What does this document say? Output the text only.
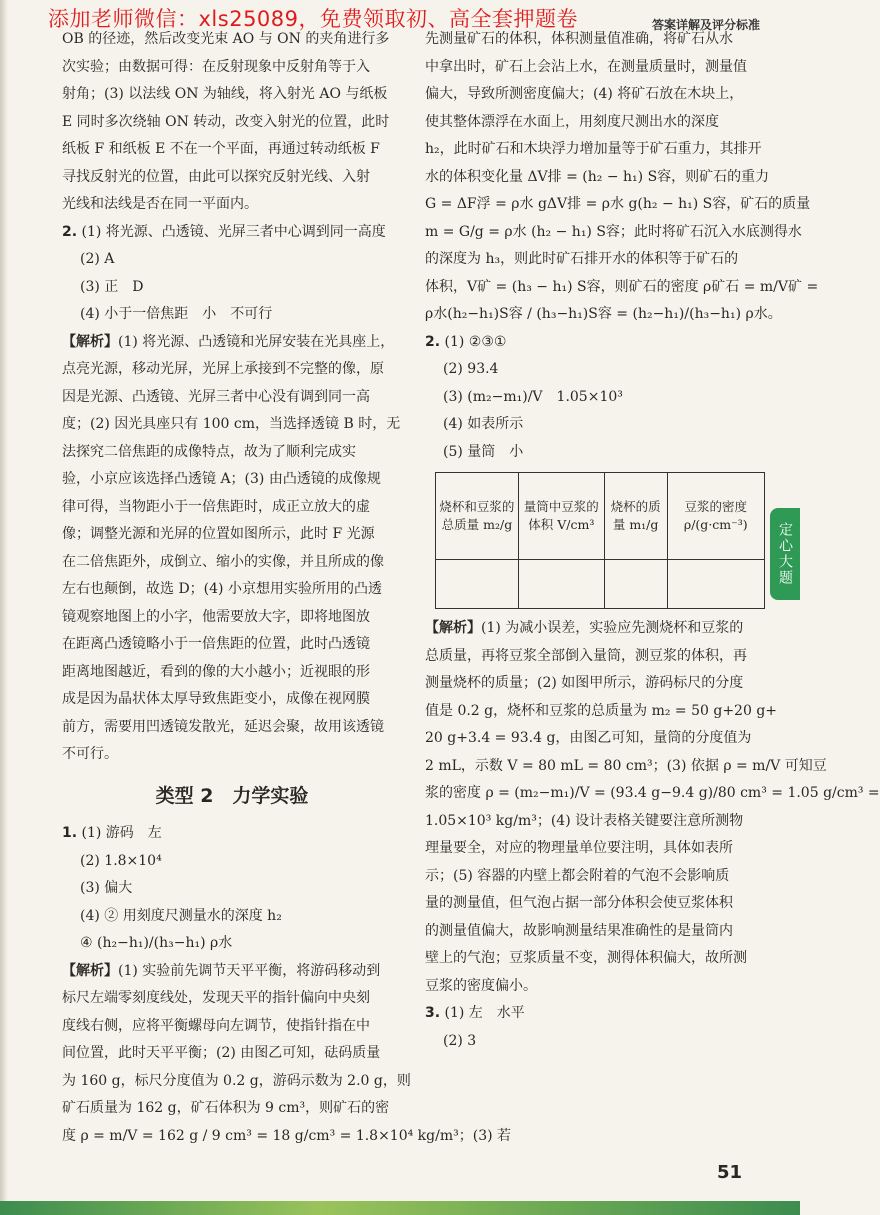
添加老师微信：xls25089，免费领取初、高全套押题卷	答案详解及评分标准

OB 的径迹，然后改变光束 AO 与 ON 的夹角进行多

次实验；由数据可得：在反射现象中反射角等于入

射角；(3) 以法线 ON 为轴线，将入射光 AO 与纸板

E 同时多次绕轴 ON 转动，改变入射光的位置，此时

纸板 F 和纸板 E 不在一个平面，再通过转动纸板 F

寻找反射光的位置，由此可以探究反射光线、入射

光线和法线是否在同一平面内。

2. (1) 将光源、凸透镜、光屏三者中心调到同一高度

(2) A

(3) 正　D

(4) 小于一倍焦距　小　不可行

【解析】(1) 将光源、凸透镜和光屏安装在光具座上，

点亮光源，移动光屏，光屏上承接到不完整的像，原

因是光源、凸透镜、光屏三者中心没有调到同一高

度；(2) 因光具座只有 100 cm，当选择透镜 B 时，无

法探究二倍焦距的成像特点，故为了顺利完成实

验，小京应该选择凸透镜 A；(3) 由凸透镜的成像规

律可得，当物距小于一倍焦距时，成正立放大的虚

像；调整光源和光屏的位置如图所示，此时 F 光源

在二倍焦距外，成倒立、缩小的实像，并且所成的像

左右也颠倒，故选 D；(4) 小京想用实验所用的凸透

镜观察地图上的小字，他需要放大字，即将地图放

在距离凸透镜略小于一倍焦距的位置，此时凸透镜

距离地图越近，看到的像的大小越小；近视眼的形

成是因为晶状体太厚导致焦距变小，成像在视网膜

前方，需要用凹透镜发散光，延迟会聚，故用该透镜

不可行。

类型 2　力学实验

1. (1) 游码　左

(2) 1.8×10⁴

(3) 偏大

(4) ② 用刻度尺测量水的深度 h₂

④ (h₂−h₁)/(h₃−h₁) ρ水

【解析】(1) 实验前先调节天平平衡，将游码移动到

标尺左端零刻度线处，发现天平的指针偏向中央刻

度线右侧，应将平衡螺母向左调节，使指针指在中

间位置，此时天平平衡；(2) 由图乙可知，砝码质量

为 160 g，标尺分度值为 0.2 g，游码示数为 2.0 g，则

矿石质量为 162 g，矿石体积为 9 cm³，则矿石的密

度 ρ = m/V = 162 g / 9 cm³ = 18 g/cm³ = 1.8×10⁴ kg/m³；(3) 若

先测量矿石的体积，体积测量值准确，将矿石从水

中拿出时，矿石上会沾上水，在测量质量时，测量值

偏大，导致所测密度偏大；(4) 将矿石放在木块上，

使其整体漂浮在水面上，用刻度尺测出水的深度

h₂，此时矿石和木块浮力增加量等于矿石重力，其排开

水的体积变化量 ΔV排 = (h₂ − h₁) S容，则矿石的重力

G = ΔF浮 = ρ水 gΔV排 = ρ水 g(h₂ − h₁) S容，矿石的质量

m = G/g = ρ水 (h₂ − h₁) S容；此时将矿石沉入水底测得水

的深度为 h₃，则此时矿石排开水的体积等于矿石的

体积，V矿 = (h₃ − h₁) S容，则矿石的密度 ρ矿石 = m/V矿 =

ρ水(h₂−h₁)S容 / (h₃−h₁)S容 = (h₂−h₁)/(h₃−h₁) ρ水。

2. (1) ②③①

(2) 93.4

(3) (m₂−m₁)/V　1.05×10³

(4) 如表所示

(5) 量筒　小

烧杯和豆浆的总质量 m₂/g	量筒中豆浆的体积 V/cm³	烧杯的质量 m₁/g	豆浆的密度 ρ/(g·cm⁻³)

【解析】(1) 为减小误差，实验应先测烧杯和豆浆的

总质量，再将豆浆全部倒入量筒，测豆浆的体积，再

测量烧杯的质量；(2) 如图甲所示，游码标尺的分度

值是 0.2 g，烧杯和豆浆的总质量为 m₂ = 50 g+20 g+

20 g+3.4 = 93.4 g，由图乙可知，量筒的分度值为

2 mL，示数 V = 80 mL = 80 cm³；(3) 依据 ρ = m/V 可知豆

浆的密度 ρ = (m₂−m₁)/V = (93.4 g−9.4 g)/80 cm³ = 1.05 g/cm³ =

1.05×10³ kg/m³；(4) 设计表格关键要注意所测物

理量要全，对应的物理量单位要注明，具体如表所

示；(5) 容器的内壁上都会附着的气泡不会影响质

量的测量值，但气泡占据一部分体积会使豆浆体积

的测量值偏大，故影响测量结果准确性的是量筒内

壁上的气泡；豆浆质量不变，测得体积偏大，故所测

豆浆的密度偏小。

3. (1) 左　水平

(2) 3

定心大题
51
